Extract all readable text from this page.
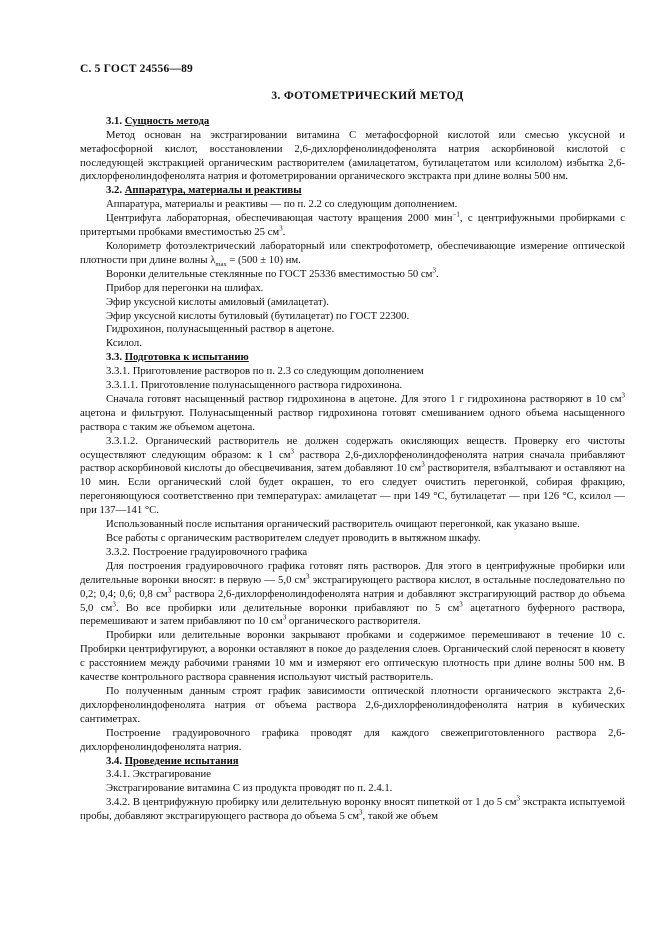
С. 5 ГОСТ 24556—89
3. ФОТОМЕТРИЧЕСКИЙ МЕТОД
3.1. Сущность метода

Метод основан на экстрагировании витамина С метафосфорной кислотой или смесью уксусной и метафосфорной кислот, восстановлении 2,6-дихлорфенолиндофенолята натрия аскорбиновой кислотой с последующей экстракцией органическим растворителем (амилацетатом, бутилацетатом или ксилолом) избытка 2,6-дихлорфенолиндофенолята натрия и фотометрировании органического экстракта при длине волны 500 нм.

3.2. Аппаратура, материалы и реактивы

Аппаратура, материалы и реактивы — по п. 2.2 со следующим дополнением.

Центрифуга лабораторная, обеспечивающая частоту вращения 2000 мин$^{-1}$, с центрифужными пробирками с притертыми пробками вместимостью 25 $см^3$.

Колориметр фотоэлектрический лабораторный или спектрофотометр, обеспечивающие измерение оптической плотности при длине волны $\lambda_{max} = (500 \pm 10)$ нм.

Воронки делительные стеклянные по ГОСТ 25336 вместимостью 50 $см^3$.

Прибор для перегонки на шлифах.

Эфир уксусной кислоты амиловый (амилацетат).

Эфир уксусной кислоты бутиловый (бутилацетат) по ГОСТ 22300.

Гидрохинон, полунасыщенный раствор в ацетоне.

Ксилол.

3.3. Подготовка к испытанию

3.3.1. Приготовление растворов по п. 2.3 со следующим дополнением

3.3.1.1. Приготовление полунасыщенного раствора гидрохинона.

Сначала готовят насыщенный раствор гидрохинона в ацетоне. Для этого 1 г гидрохинона растворяют в 10 $см^3$ ацетона и фильтруют. Полунасыщенный раствор гидрохинона готовят смешиванием одного объема насыщенного раствора с таким же объемом ацетона.

3.3.1.2. Органический растворитель не должен содержать окисляющих веществ. Проверку его чистоты осуществляют следующим образом: к 1 $см^3$ раствора 2,6-дихлорфенолиндофенолята натрия сначала прибавляют раствор аскорбиновой кислоты до обесцвечивания, затем добавляют 10 $см^3$ растворителя, взбалтывают и оставляют на 10 мин. Если органический слой будет окрашен, то его следует очистить перегонкой, собирая фракцию, перегоняющуюся соответственно при температурах: амилацетат — при 149 °С, бутилацетат — при 126 °С, ксилол — при 137—141 °С.

Использованный после испытания органический растворитель очищают перегонкой, как указано выше.

Все работы с органическим растворителем следует проводить в вытяжном шкафу.

3.3.2. Построение градуировочного графика

Для построения градуировочного графика готовят пять растворов. Для этого в центрифужные пробирки или делительные воронки вносят: в первую — 5,0 $см^3$ экстрагирующего раствора кислот, в остальные последовательно по 0,2; 0,4; 0,6; 0,8 $см^3$ раствора 2,6-дихлорфенолиндофенолята натрия и добавляют экстрагирующий раствор до объема 5,0 $см^3$. Во все пробирки или делительные воронки прибавляют по 5 $см^3$ ацетатного буферного раствора, перемешивают и затем прибавляют по 10 $см^3$ органического растворителя.

Пробирки или делительные воронки закрывают пробками и содержимое перемешивают в течение 10 с. Пробирки центрифугируют, а воронки оставляют в покое до разделения слоев. Органический слой переносят в кювету с расстоянием между рабочими гранями 10 мм и измеряют его оптическую плотность при длине волны 500 нм. В качестве контрольного раствора сравнения используют чистый растворитель.

По полученным данным строят график зависимости оптической плотности органического экстракта 2,6-дихлорфенолиндофенолята натрия от объема раствора 2,6-дихлорфенолиндофенолята натрия в кубических сантиметрах.

Построение градуировочного графика проводят для каждого свежеприготовленного раствора 2,6-дихлорфенолиндофенолята натрия.

3.4. Проведение испытания

3.4.1. Экстрагирование

Экстрагирование витамина С из продукта проводят по п. 2.4.1.

3.4.2. В центрифужную пробирку или делительную воронку вносят пипеткой от 1 до 5 $см^3$ экстракта испытуемой пробы, добавляют экстрагирующего раствора до объема 5 $см^3$, такой же объем
